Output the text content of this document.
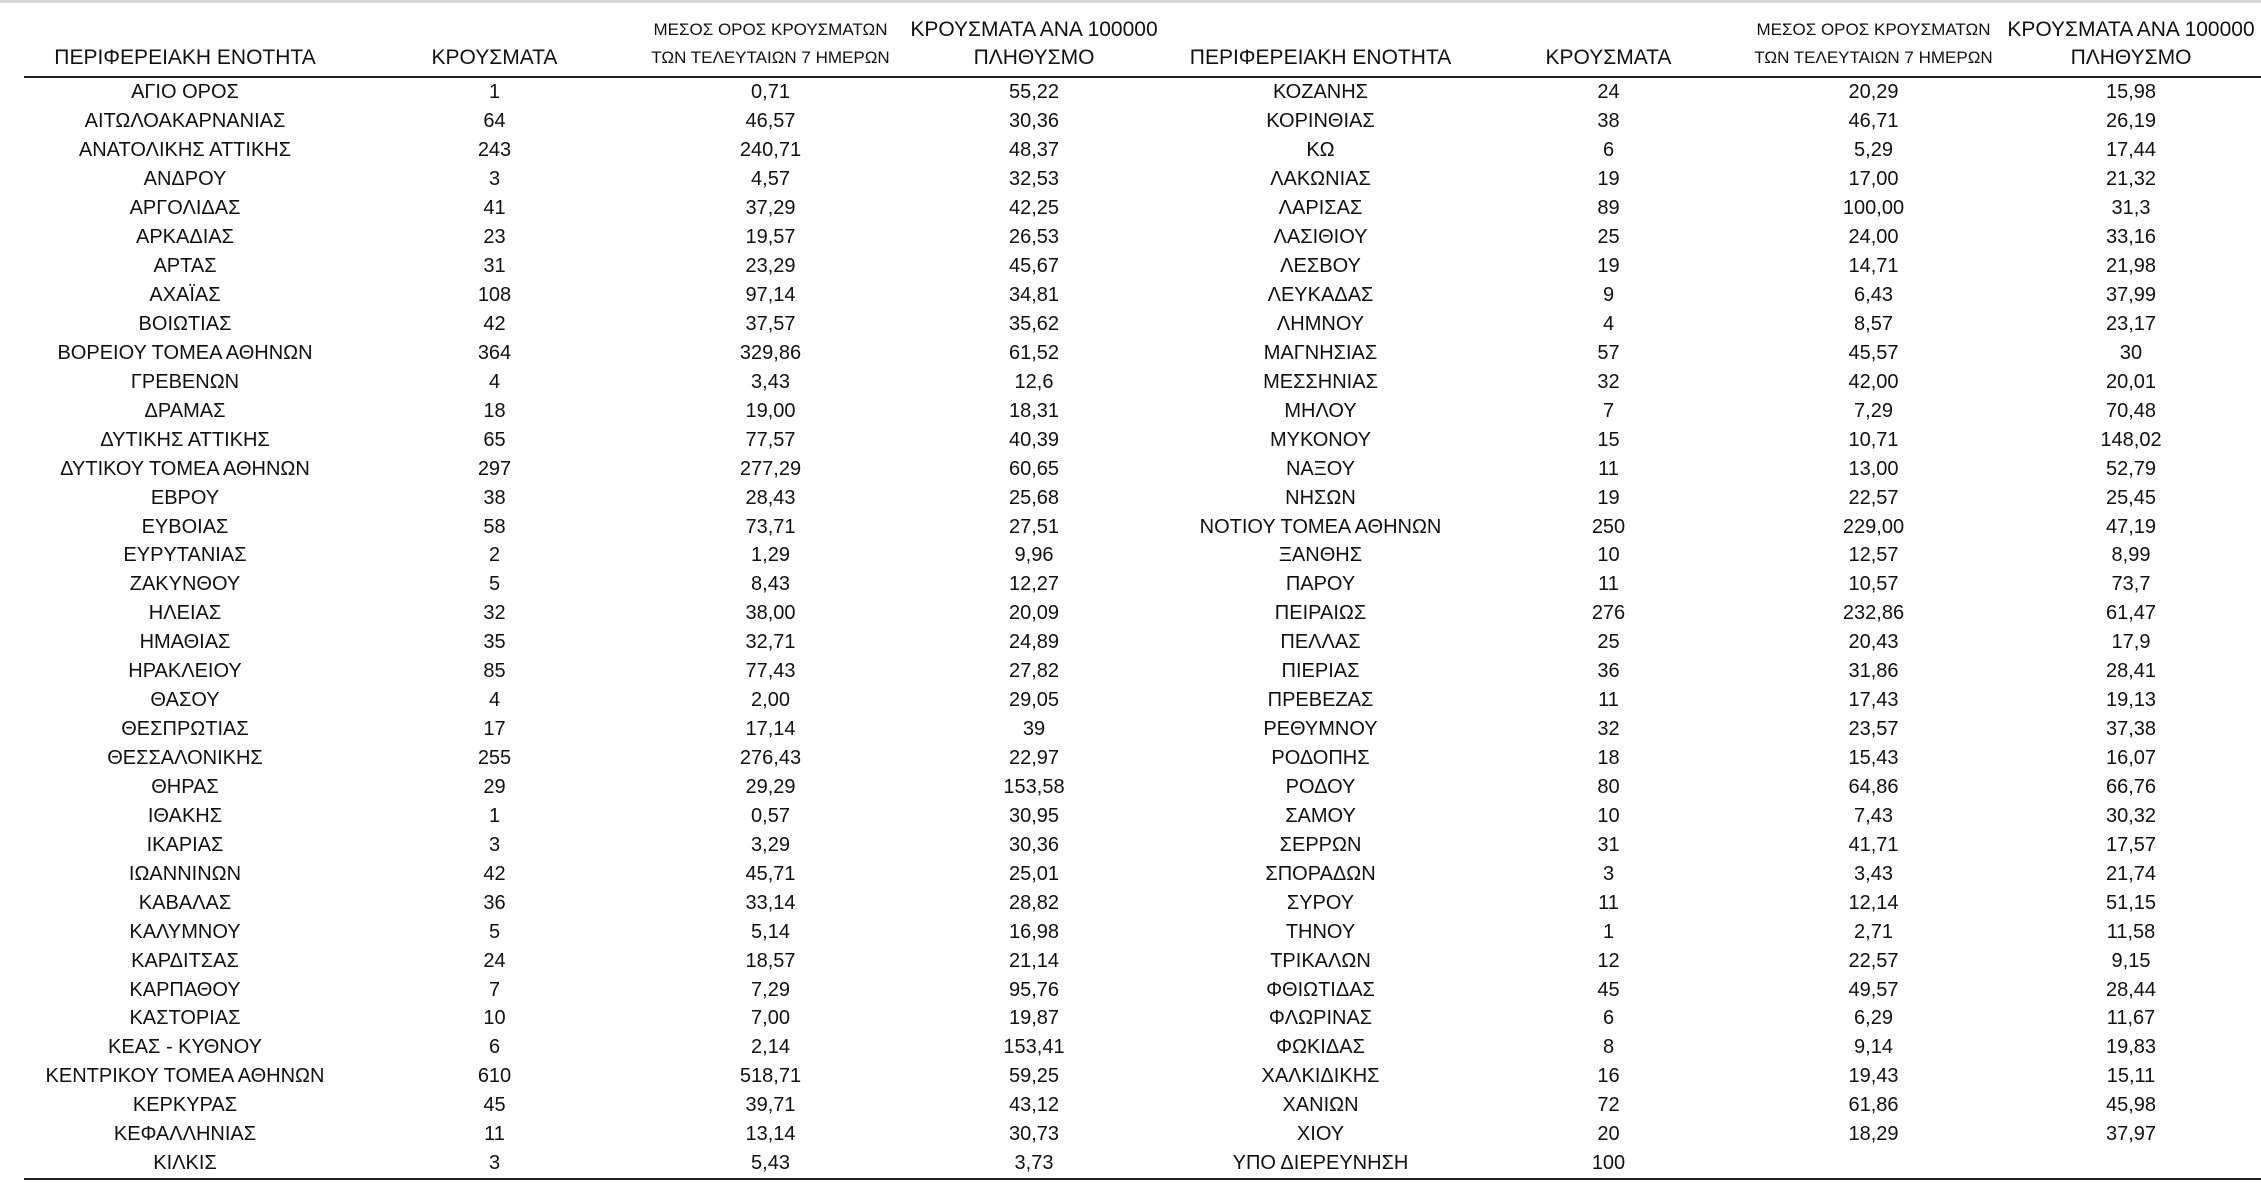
ΠΕΡΙΦΕΡΕΙΑΚΗ ΕΝΟΤΗΤΑ	ΚΡΟΥΣΜΑΤΑ	ΜΕΣΟΣ ΟΡΟΣ ΚΡΟΥΣΜΑΤΩΝ
ΤΩΝ ΤΕΛΕΥΤΑΙΩΝ 7 ΗΜΕΡΩΝ	ΚΡΟΥΣΜΑΤΑ ΑΝΑ 100000
ΠΛΗΘΥΣΜΟ	ΠΕΡΙΦΕΡΕΙΑΚΗ ΕΝΟΤΗΤΑ	ΚΡΟΥΣΜΑΤΑ	ΜΕΣΟΣ ΟΡΟΣ ΚΡΟΥΣΜΑΤΩΝ
ΤΩΝ ΤΕΛΕΥΤΑΙΩΝ 7 ΗΜΕΡΩΝ	ΚΡΟΥΣΜΑΤΑ ΑΝΑ 100000
ΠΛΗΘΥΣΜΟ

ΑΓΙΟ ΟΡΟΣ	1	0,71	55,22	ΚΟΖΑΝΗΣ	24	20,29	15,98
ΑΙΤΩΛΟΑΚΑΡΝΑΝΙΑΣ	64	46,57	30,36	ΚΟΡΙΝΘΙΑΣ	38	46,71	26,19
ΑΝΑΤΟΛΙΚΗΣ ΑΤΤΙΚΗΣ	243	240,71	48,37	ΚΩ	6	5,29	17,44
ΑΝΔΡΟΥ	3	4,57	32,53	ΛΑΚΩΝΙΑΣ	19	17,00	21,32
ΑΡΓΟΛΙΔΑΣ	41	37,29	42,25	ΛΑΡΙΣΑΣ	89	100,00	31,3
ΑΡΚΑΔΙΑΣ	23	19,57	26,53	ΛΑΣΙΘΙΟΥ	25	24,00	33,16
ΑΡΤΑΣ	31	23,29	45,67	ΛΕΣΒΟΥ	19	14,71	21,98
ΑΧΑΪΑΣ	108	97,14	34,81	ΛΕΥΚΑΔΑΣ	9	6,43	37,99
ΒΟΙΩΤΙΑΣ	42	37,57	35,62	ΛΗΜΝΟΥ	4	8,57	23,17
ΒΟΡΕΙΟΥ ΤΟΜΕΑ ΑΘΗΝΩΝ	364	329,86	61,52	ΜΑΓΝΗΣΙΑΣ	57	45,57	30
ΓΡΕΒΕΝΩΝ	4	3,43	12,6	ΜΕΣΣΗΝΙΑΣ	32	42,00	20,01
ΔΡΑΜΑΣ	18	19,00	18,31	ΜΗΛΟΥ	7	7,29	70,48
ΔΥΤΙΚΗΣ ΑΤΤΙΚΗΣ	65	77,57	40,39	ΜΥΚΟΝΟΥ	15	10,71	148,02
ΔΥΤΙΚΟΥ ΤΟΜΕΑ ΑΘΗΝΩΝ	297	277,29	60,65	ΝΑΞΟΥ	11	13,00	52,79
ΕΒΡΟΥ	38	28,43	25,68	ΝΗΣΩΝ	19	22,57	25,45
ΕΥΒΟΙΑΣ	58	73,71	27,51	ΝΟΤΙΟΥ ΤΟΜΕΑ ΑΘΗΝΩΝ	250	229,00	47,19
ΕΥΡΥΤΑΝΙΑΣ	2	1,29	9,96	ΞΑΝΘΗΣ	10	12,57	8,99
ΖΑΚΥΝΘΟΥ	5	8,43	12,27	ΠΑΡΟΥ	11	10,57	73,7
ΗΛΕΙΑΣ	32	38,00	20,09	ΠΕΙΡΑΙΩΣ	276	232,86	61,47
ΗΜΑΘΙΑΣ	35	32,71	24,89	ΠΕΛΛΑΣ	25	20,43	17,9
ΗΡΑΚΛΕΙΟΥ	85	77,43	27,82	ΠΙΕΡΙΑΣ	36	31,86	28,41
ΘΑΣΟΥ	4	2,00	29,05	ΠΡΕΒΕΖΑΣ	11	17,43	19,13
ΘΕΣΠΡΩΤΙΑΣ	17	17,14	39	ΡΕΘΥΜΝΟΥ	32	23,57	37,38
ΘΕΣΣΑΛΟΝΙΚΗΣ	255	276,43	22,97	ΡΟΔΟΠΗΣ	18	15,43	16,07
ΘΗΡΑΣ	29	29,29	153,58	ΡΟΔΟΥ	80	64,86	66,76
ΙΘΑΚΗΣ	1	0,57	30,95	ΣΑΜΟΥ	10	7,43	30,32
ΙΚΑΡΙΑΣ	3	3,29	30,36	ΣΕΡΡΩΝ	31	41,71	17,57
ΙΩΑΝΝΙΝΩΝ	42	45,71	25,01	ΣΠΟΡΑΔΩΝ	3	3,43	21,74
ΚΑΒΑΛΑΣ	36	33,14	28,82	ΣΥΡΟΥ	11	12,14	51,15
ΚΑΛΥΜΝΟΥ	5	5,14	16,98	ΤΗΝΟΥ	1	2,71	11,58
ΚΑΡΔΙΤΣΑΣ	24	18,57	21,14	ΤΡΙΚΑΛΩΝ	12	22,57	9,15
ΚΑΡΠΑΘΟΥ	7	7,29	95,76	ΦΘΙΩΤΙΔΑΣ	45	49,57	28,44
ΚΑΣΤΟΡΙΑΣ	10	7,00	19,87	ΦΛΩΡΙΝΑΣ	6	6,29	11,67
ΚΕΑΣ - ΚΥΘΝΟΥ	6	2,14	153,41	ΦΩΚΙΔΑΣ	8	9,14	19,83
ΚΕΝΤΡΙΚΟΥ ΤΟΜΕΑ ΑΘΗΝΩΝ	610	518,71	59,25	ΧΑΛΚΙΔΙΚΗΣ	16	19,43	15,11
ΚΕΡΚΥΡΑΣ	45	39,71	43,12	ΧΑΝΙΩΝ	72	61,86	45,98
ΚΕΦΑΛΛΗΝΙΑΣ	11	13,14	30,73	ΧΙΟΥ	20	18,29	37,97
ΚΙΛΚΙΣ	3	5,43	3,73	ΥΠΟ ΔΙΕΡΕΥΝΗΣΗ	100		
